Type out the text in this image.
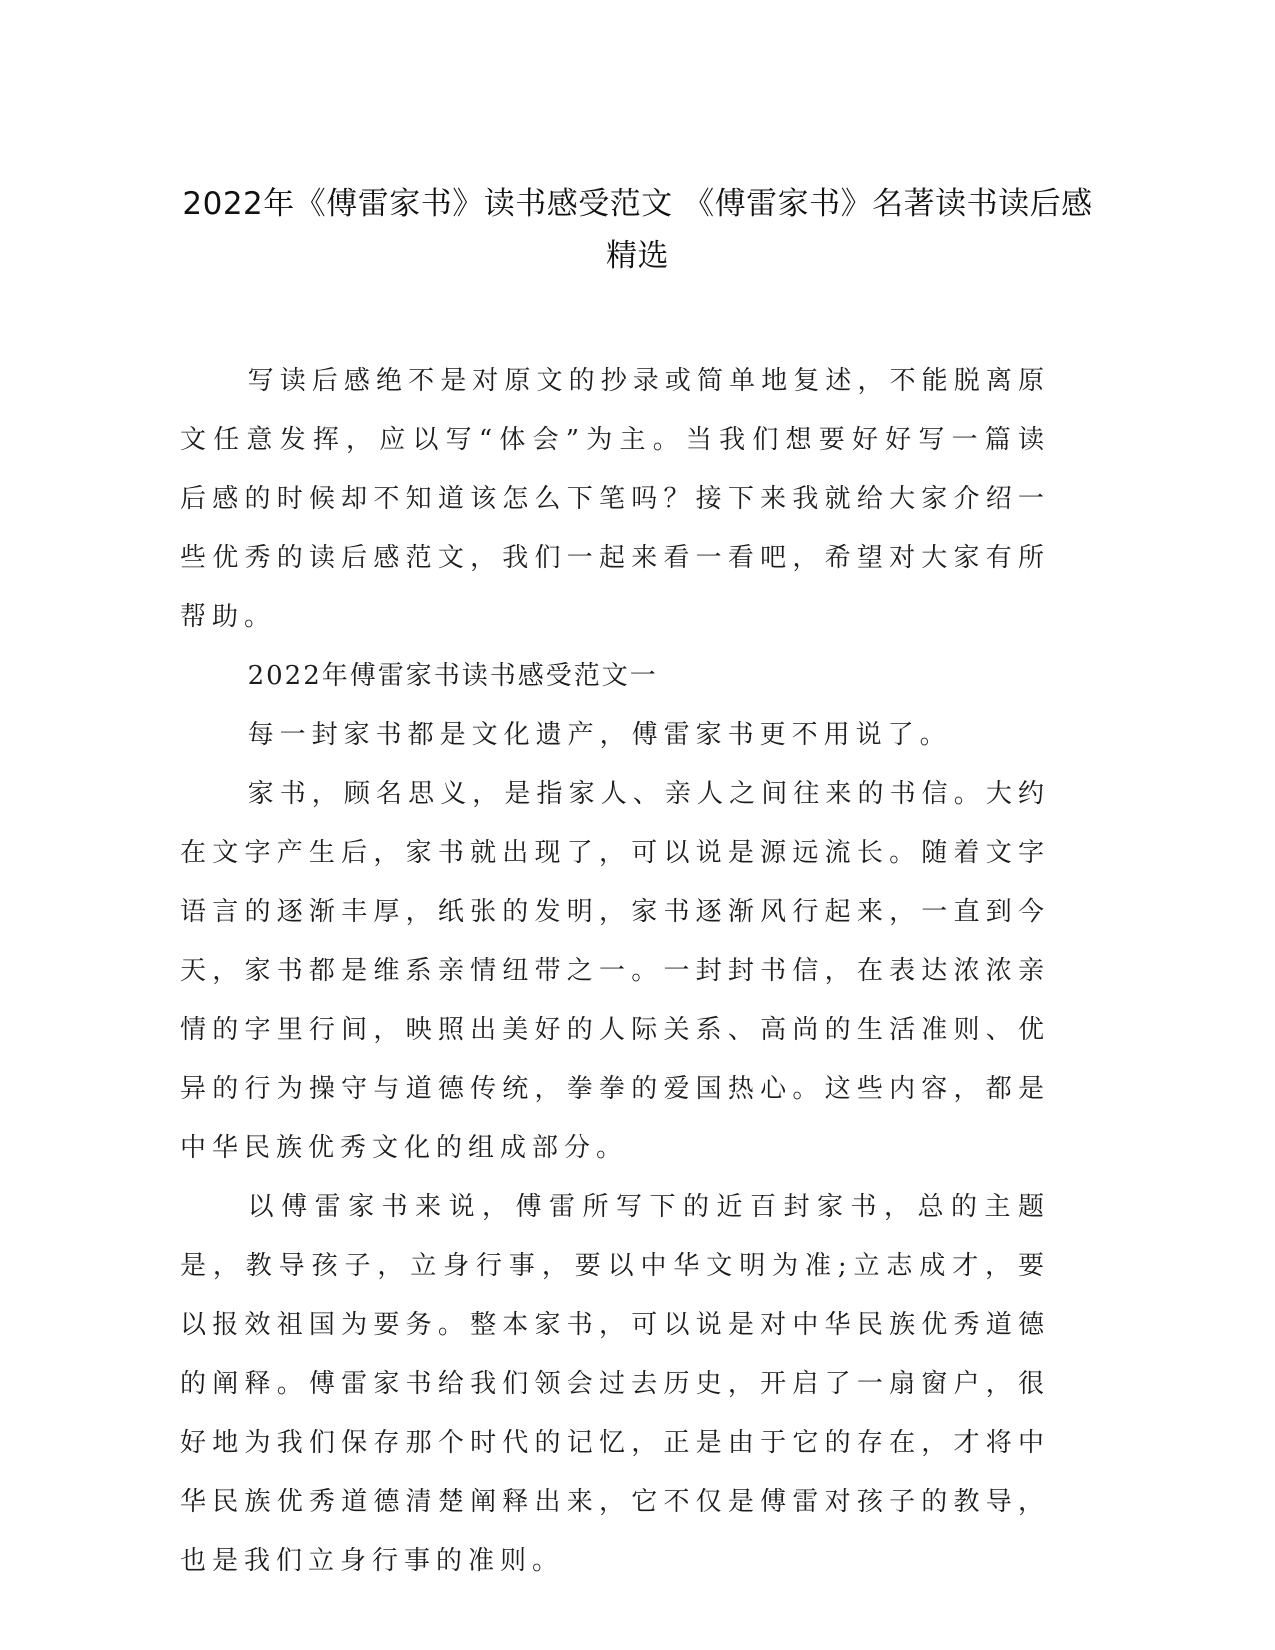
2022年《傅雷家书》读书感受范文 《傅雷家书》名著读书读后感精选

写读后感绝不是对原文的抄录或简单地复述，不能脱离原文任意发挥，应以写“体会”为主。当我们想要好好写一篇读后感的时候却不知道该怎么下笔吗？接下来我就给大家介绍一些优秀的读后感范文，我们一起来看一看吧，希望对大家有所帮助。

2022年傅雷家书读书感受范文一

每一封家书都是文化遗产，傅雷家书更不用说了。

家书，顾名思义，是指家人、亲人之间往来的书信。大约在文字产生后，家书就出现了，可以说是源远流长。随着文字语言的逐渐丰厚，纸张的发明，家书逐渐风行起来，一直到今天，家书都是维系亲情纽带之一。一封封书信，在表达浓浓亲情的字里行间，映照出美好的人际关系、高尚的生活准则、优异的行为操守与道德传统，拳拳的爱国热心。这些内容，都是中华民族优秀文化的组成部分。

以傅雷家书来说，傅雷所写下的近百封家书，总的主题是，教导孩子，立身行事，要以中华文明为准;立志成才，要以报效祖国为要务。整本家书，可以说是对中华民族优秀道德的阐释。傅雷家书给我们领会过去历史，开启了一扇窗户，很好地为我们保存那个时代的记忆，正是由于它的存在，才将中华民族优秀道德清楚阐释出来，它不仅是傅雷对孩子的教导，也是我们立身行事的准则。
